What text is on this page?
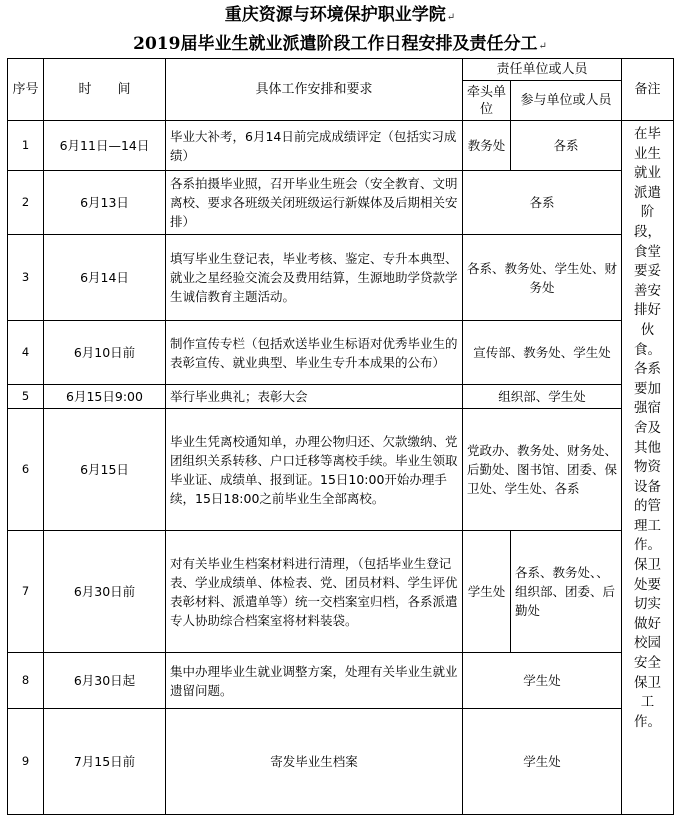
重庆资源与环境保护职业学院↵
2019届毕业生就业派遣阶段工作日程安排及责任分工↵
序号	时　　间	具体工作安排和要求	责任单位或人员		备注
			牵头单位	参与单位或人员	
1	6月11日—14日	毕业大补考，6月14日前完成成绩评定（包括实习成绩）	教务处	各系	在毕业生就业派遣阶段，食堂要妥善安排好伙食。各系要加强宿舍及其他物资设备的管理工作。保卫处要切实做好校园安全保卫工作。
2	6月13日	各系拍摄毕业照，召开毕业生班会（安全教育、文明离校、要求各班级关闭班级运行新媒体及后期相关安排）	各系		
3	6月14日	填写毕业生登记表，毕业考核、鉴定、专升本典型、就业之星经验交流会及费用结算，生源地助学贷款学生诚信教育主题活动。	各系、教务处、学生处、财务处		
4	6月10日前	制作宣传专栏（包括欢送毕业生标语对优秀毕业生的表彰宣传、就业典型、毕业生专升本成果的公布）	宣传部、教务处、学生处		
5	6月15日9:00	举行毕业典礼；表彰大会	组织部、学生处		
6	6月15日	毕业生凭离校通知单，办理公物归还、欠款缴纳、党团组织关系转移、户口迁移等离校手续。毕业生领取毕业证、成绩单、报到证。15日10:00开始办理手续，15日18:00之前毕业生全部离校。	党政办、教务处、财务处、后勤处、图书馆、团委、保卫处、学生处、各系		
7	6月30日前	对有关毕业生档案材料进行清理，（包括毕业生登记表、学业成绩单、体检表、党、团员材料、学生评优表彰材料、派遣单等）统一交档案室归档，各系派遣专人协助综合档案室将材料装袋。	学生处	各系、教务处、、组织部、团委、后勤处	
8	6月30日起	集中办理毕业生就业调整方案，处理有关毕业生就业遗留问题。	学生处		
9	7月15日前	寄发毕业生档案	学生处		
